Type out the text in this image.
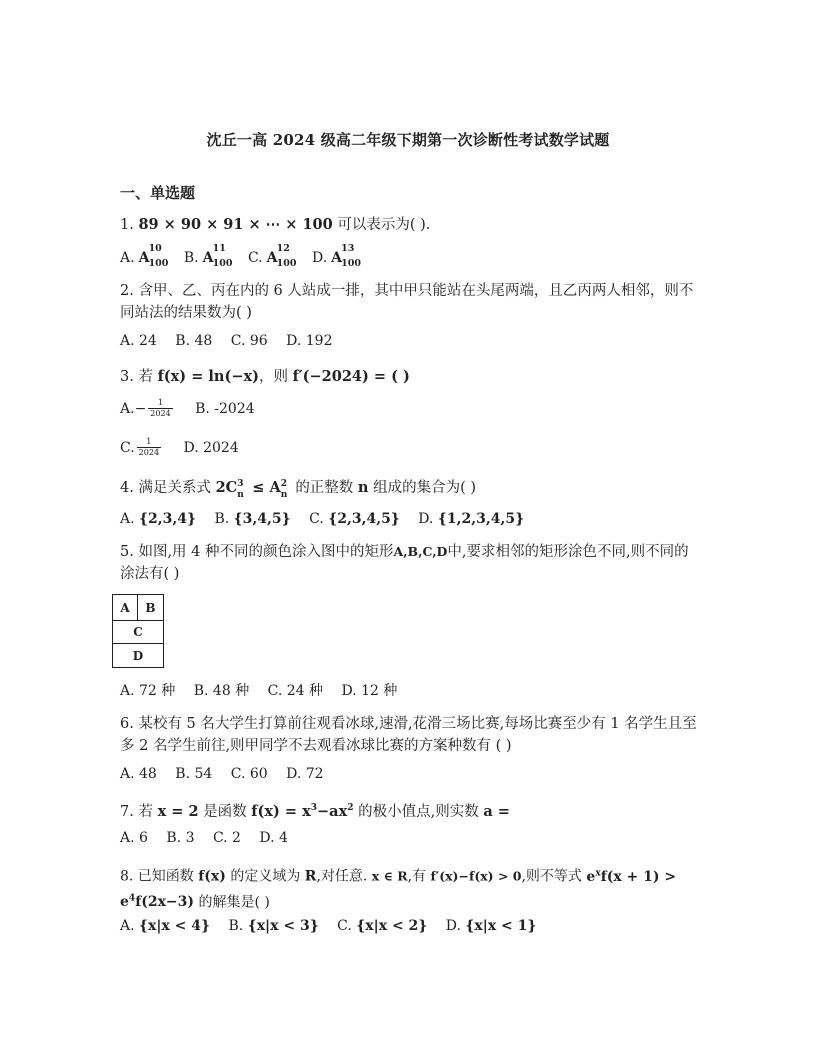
沈丘一高 2024 级高二年级下期第一次诊断性考试数学试题
一、单选题
1. 89 × 90 × 91 × ⋯ × 100 可以表示为( ).
A. A
10
100 B. A
11
100 C. A
12
100 D. A
13
100
2. 含甲、乙、丙在内的 6 人站成一排，其中甲只能站在头尾两端，且乙丙两人相邻，则不同站法的结果数为( )
A. 24 B. 48 C. 96 D. 192
3. 若 f(x) = ln(−x)，则 f′(−2024) = ( )
$A.- \frac{1}{2024} B$. -2024
C. $\frac{1}{2024} D$. 2024
4. 满足关系式 2C 3
n ≤ A 2
n 的正整数 n 组成的集合为( )
A. {2,3,4} B. {3,4,5} C. {2,3,4,5} D. {1,2,3,4,5}
5. 如图,用 4 种不同的颜色涂入图中的矩形A,B,C,D中,要求相邻的矩形涂色不同,则不同的涂法有( )
A	B
C
D
A. 72 种 B. 48 种 C. 24 种 D. 12 种
6. 某校有 5 名大学生打算前往观看冰球,速滑,花滑三场比赛,每场比赛至少有 1 名学生且至多 2 名学生前往,则甲同学不去观看冰球比赛的方案种数有 ( )
A. 48 B. 54 C. 60 D. 72
7. 若 x = 2 是函数 $f(x) = x^3-ax^2$ 的极小值点,则实数 a =
A. 6 B. 3 C. 2 D. 4
8. 已知函数 f(x) 的定义域为 R,对任意. x ∈ R,有 f′(x)−f(x) > 0,则不等式 $e^xf(x + 1)$ >
$e^4f(2x-3)$ 的解集是( )
A. {x|x < 4} B. {x|x < 3} C. {x|x < 2} D. {x|x < 1}
